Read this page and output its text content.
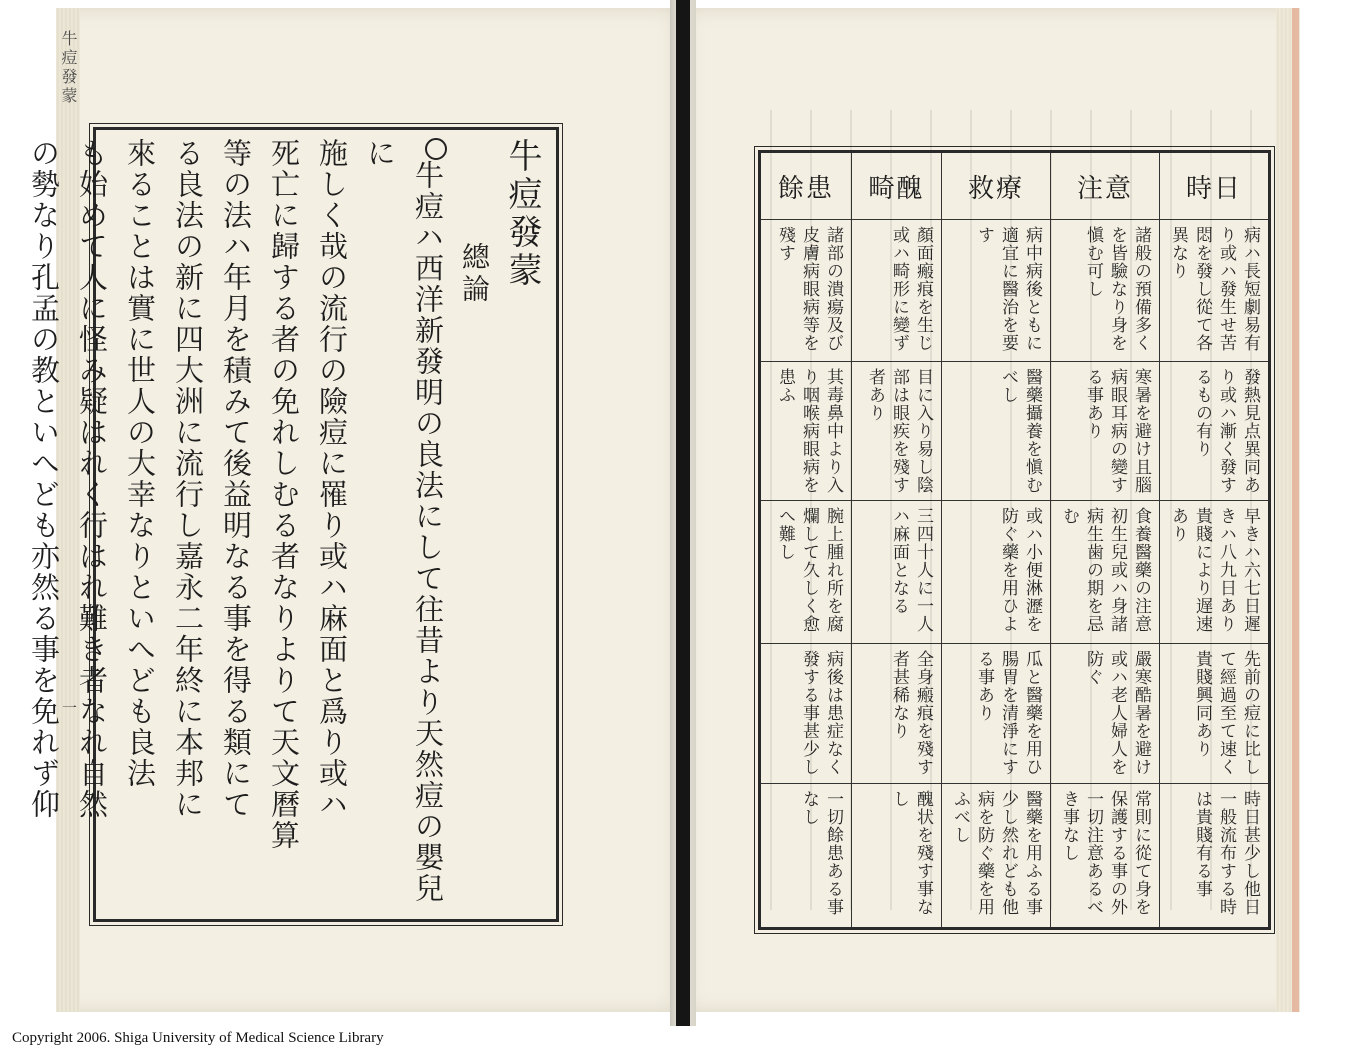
牛痘發蒙
一
牛痘發蒙
總論
牛痘ハ西洋新發明の良法にして往昔より天然痘の嬰兒に
施しく哉の流行の險痘に罹り或ハ麻面と爲り或ハ
死亡に歸する者の免れしむる者なりよりて天文曆算
等の法ハ年月を積みて後益明なる事を得る類にて
る良法の新に四大洲に流行し嘉永二年終に本邦に
來ることは實に世人の大幸なりといへども良法
も始めて人に怪み疑はれく行はれ難き者なれ自然
の勢なり孔孟の教といへども亦然る事を免れず仰	時日
注意
救療
畸醜
餘患
病ハ長短劇易有り或ハ發生せ苦悶を發し從て各異なり
諸般の預備多くを皆驗なり身を愼む可し
病中病後ともに適宜に醫治を要す
顏面瘢痕を生じ或ハ畸形に變ず
諸部の潰瘍及び皮膚病眼病等を殘す
發熱見点異同あり或ハ漸く發するもの有り
寒暑を避け且腦病眼耳病の變する事あり
醫藥攝養を愼むべし
目に入り易し陰部は眼疾を殘す者あり
其毒鼻中より入り咽喉病眼病を患ふ
早きハ六七日遲きハ八九日あり貴賤により遅速あり
食養醫藥の注意初生兒或ハ身諸病生歯の期を忌む
或ハ小便淋瀝を防ぐ藥を用ひよ
三四十人に一人ハ麻面となる
腕上腫れ所を腐爛して久しく愈へ難し
先前の痘に比して經過至て速く貴賤興同あり
嚴寒酷暑を避け或ハ老人婦人を防ぐ
瓜と醫藥を用ひ腸胃を清淨にする事あり
全身瘢痕を殘す者甚稀なり
病後は患症なく發する事甚少し
時日甚少し他日一般流布する時は貴賤有る事
常則に從て身を保護する事の外一切注意あるべき事なし
醫藥を用ふる事少し然れども他病を防ぐ藥を用ふべし
醜状を殘す事なし
一切餘患ある事なし
Copyright 2006. Shiga University of Medical Science Library
